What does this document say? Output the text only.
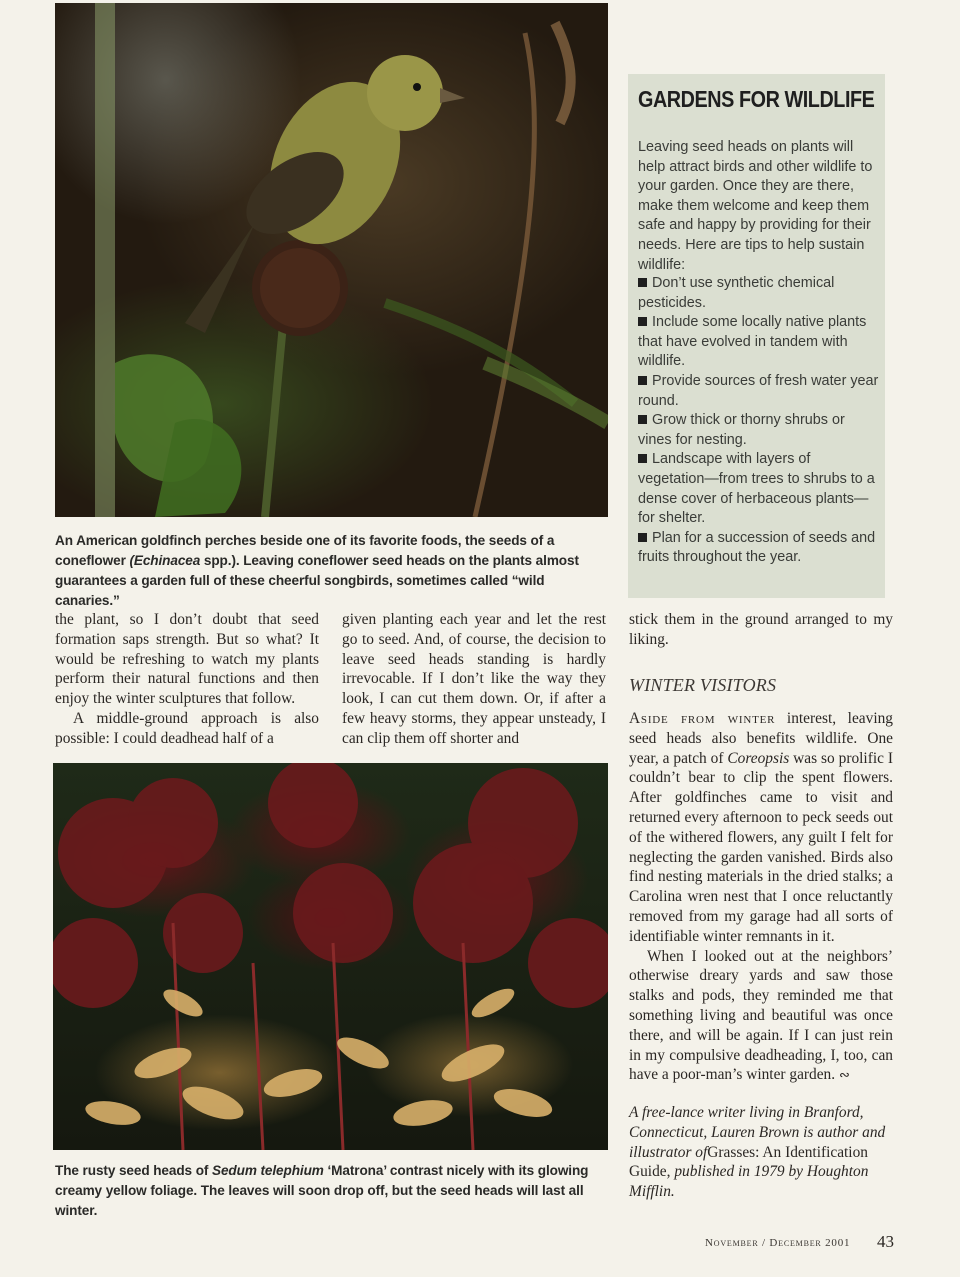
An American goldfinch perches beside one of its favorite foods, the seeds of a coneflower (Echinacea spp.). Leaving coneflower seed heads on the plants almost guarantees a garden full of these cheerful songbirds, sometimes called “wild canaries.”

the plant, so I don’t doubt that seed formation saps strength. But so what? It would be refreshing to watch my plants perform their natural functions and then enjoy the winter sculptures that follow.

A middle-ground approach is also possible: I could deadhead half of a

given planting each year and let the rest go to seed. And, of course, the decision to leave seed heads standing is hardly irrevocable. If I don’t like the way they look, I can cut them down. Or, if after a few heavy storms, they appear unsteady, I can clip them off shorter and

The rusty seed heads of Sedum telephium ‘Matrona’ contrast nicely with its glowing creamy yellow foliage. The leaves will soon drop off, but the seed heads will last all winter.
GARDENS FOR WILDLIFE
Leaving seed heads on plants will help attract birds and other wildlife to your garden. Once they are there, make them welcome and keep them safe and happy by providing for their needs. Here are tips to help sustain wildlife:

Don’t use synthetic chemical pesticides.

Include some locally native plants that have evolved in tandem with wildlife.

Provide sources of fresh water year round.

Grow thick or thorny shrubs or vines for nesting.

Landscape with layers of vegetation—from trees to shrubs to a dense cover of herbaceous plants—for shelter.

Plan for a succession of seeds and fruits throughout the year.

stick them in the ground arranged to my liking.

WINTER VISITORS

Aside from winter interest, leaving seed heads also benefits wildlife. One year, a patch of Coreopsis was so prolific I couldn’t bear to clip the spent flowers. After goldfinches came to visit and returned every afternoon to peck seeds out of the withered flowers, any guilt I felt for neglecting the garden vanished. Birds also find nesting materials in the dried stalks; a Carolina wren nest that I once reluctantly removed from my garage had all sorts of identifiable winter remnants in it.

When I looked out at the neighbors’ otherwise dreary yards and saw those stalks and pods, they reminded me that something living and beautiful was once there, and will be again. If I can just rein in my compulsive deadheading, I, too, can have a poor-man’s winter garden. ∾

A free-lance writer living in Branford, Connecticut, Lauren Brown is author and illustrator ofGrasses: An Identification Guide, published in 1979 by Houghton Mifflin.
November / December 2001 43
